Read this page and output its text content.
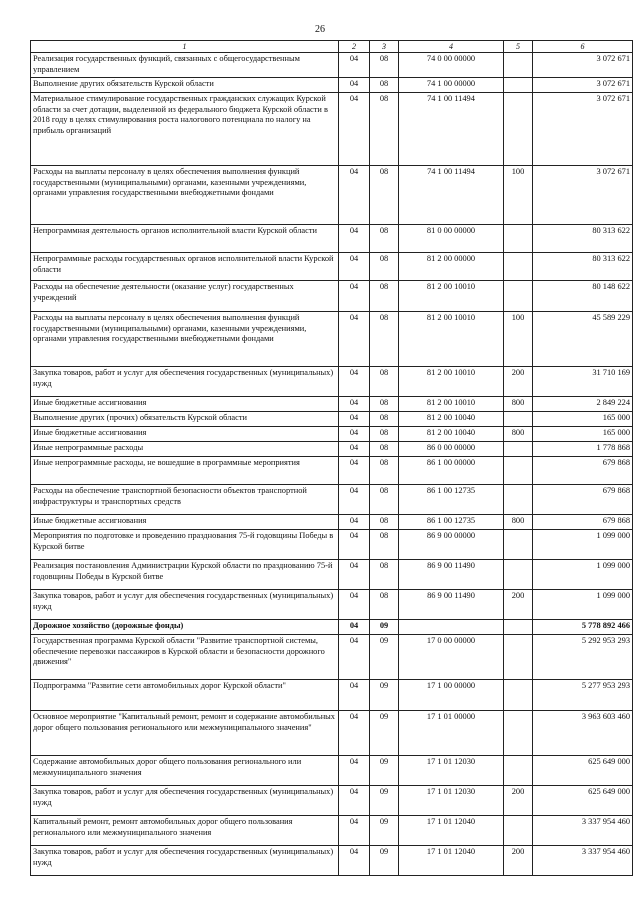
26
1	2	3	4	5	6
Реализация государственных функций, связанных с общегосударственным управлением	04	08	74 0 00 00000		3 072 671
Выполнение других обязательств Курской области	04	08	74 1 00 00000		3 072 671
Материальное стимулирование государственных гражданских служащих Курской области за счет дотации, выделенной из федерального бюджета Курской области в 2018 году в целях стимулирования роста налогового потенциала по налогу на прибыль организаций	04	08	74 1 00 11494		3 072 671
Расходы на выплаты персоналу в целях обеспечения выполнения функций государственными (муниципальными) органами, казенными учреждениями, органами управления государственными внебюджетными фондами	04	08	74 1 00 11494	100	3 072 671
Непрограммная деятельность органов исполнительной власти Курской области	04	08	81 0 00 00000		80 313 622
Непрограммные расходы государственных органов исполнительной власти Курской области	04	08	81 2 00 00000		80 313 622
Расходы на обеспечение деятельности (оказание услуг) государственных учреждений	04	08	81 2 00 10010		80 148 622
Расходы на выплаты персоналу в целях обеспечения выполнения функций государственными (муниципальными) органами, казенными учреждениями, органами управления государственными внебюджетными фондами	04	08	81 2 00 10010	100	45 589 229
Закупка товаров, работ и услуг для обеспечения государственных (муниципальных) нужд	04	08	81 2 00 10010	200	31 710 169
Иные бюджетные ассигнования	04	08	81 2 00 10010	800	2 849 224
Выполнение других (прочих) обязательств Курской области	04	08	81 2 00 10040		165 000
Иные бюджетные ассигнования	04	08	81 2 00 10040	800	165 000
Иные непрограммные расходы	04	08	86 0 00 00000		1 778 868
Иные непрограммные расходы, не вошедшие в программные мероприятия	04	08	86 1 00 00000		679 868
Расходы на обеспечение транспортной безопасности объектов транспортной инфраструктуры и транспортных средств	04	08	86 1 00 12735		679 868
Иные бюджетные ассигнования	04	08	86 1 00 12735	800	679 868
Мероприятия по подготовке и проведению празднования 75-й годовщины Победы в Курской битве	04	08	86 9 00 00000		1 099 000
Реализация постановления Администрации Курской области по празднованию 75-й годовщины Победы в Курской битве	04	08	86 9 00 11490		1 099 000
Закупка товаров, работ и услуг для обеспечения государственных (муниципальных) нужд	04	08	86 9 00 11490	200	1 099 000
Дорожное хозяйство (дорожные фонды)	04	09			5 778 892 466
Государственная программа Курской области "Развитие транспортной системы, обеспечение перевозки пассажиров в Курской области и безопасности дорожного движения"	04	09	17 0 00 00000		5 292 953 293
Подпрограмма "Развитие сети автомобильных дорог Курской области"	04	09	17 1 00 00000		5 277 953 293
Основное мероприятие "Капитальный ремонт, ремонт и содержание автомобильных дорог общего пользования регионального или межмуниципального значения"	04	09	17 1 01 00000		3 963 603 460
Содержание автомобильных дорог общего пользования регионального или межмуниципального значения	04	09	17 1 01 12030		625 649 000
Закупка товаров, работ и услуг для обеспечения государственных (муниципальных) нужд	04	09	17 1 01 12030	200	625 649 000
Капитальный ремонт, ремонт автомобильных дорог общего пользования регионального или межмуниципального значения	04	09	17 1 01 12040		3 337 954 460
Закупка товаров, работ и услуг для обеспечения государственных (муниципальных) нужд	04	09	17 1 01 12040	200	3 337 954 460
